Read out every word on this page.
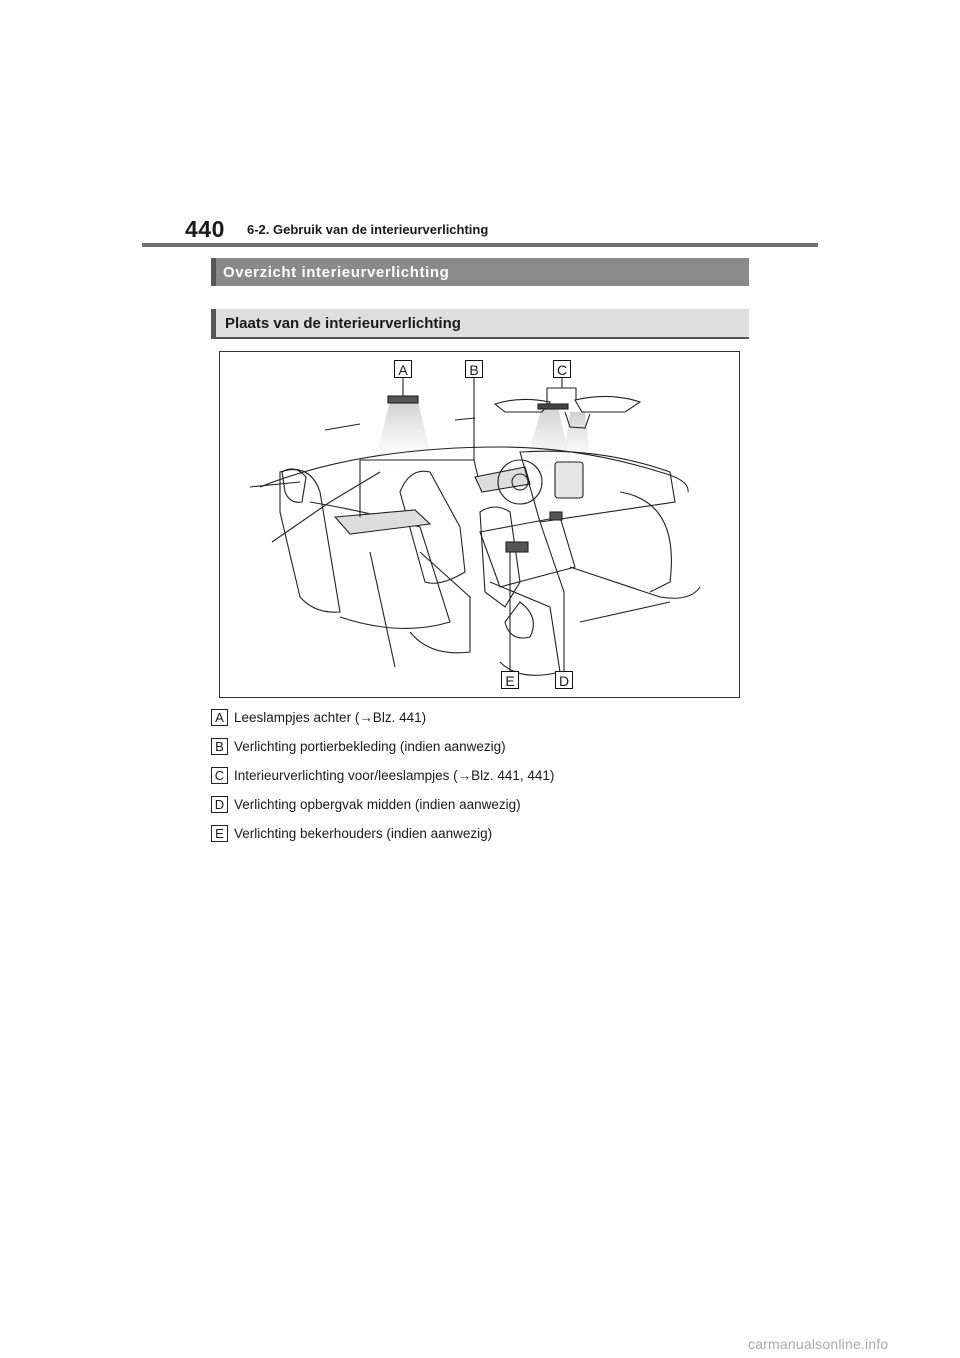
440 6-2. Gebruik van de interieurverlichting
Overzicht interieurverlichting
Plaats van de interieurverlichting
A	B	C
E	D
A Leeslampjes achter (→Blz. 441)
B Verlichting portierbekleding (indien aanwezig)
C Interieurverlichting voor/leeslampjes (→Blz. 441, 441)
D Verlichting opbergvak midden (indien aanwezig)
E Verlichting bekerhouders (indien aanwezig)
carmanualsonline.info
